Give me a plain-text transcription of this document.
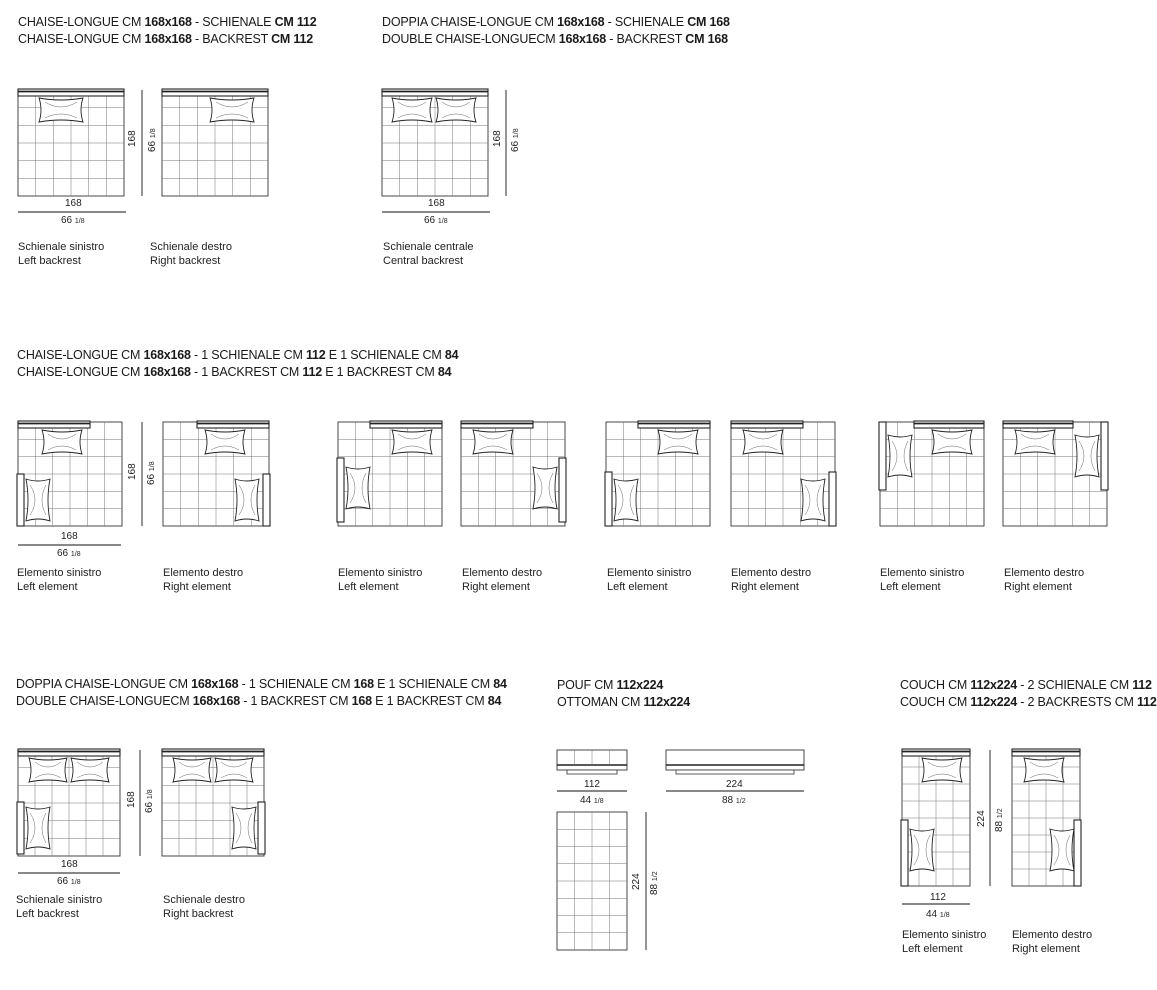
CHAISE-LONGUE CM 168x168 - SCHIENALE CM 112
CHAISE-LONGUE CM 168x168 - BACKREST CM 112
DOPPIA CHAISE-LONGUE CM 168x168 - SCHIENALE CM 168
DOUBLE CHAISE-LONGUECM 168x168 - BACKREST CM 168
CHAISE-LONGUE CM 168x168 - 1 SCHIENALE CM 112 E 1 SCHIENALE CM 84
CHAISE-LONGUE CM 168x168 - 1 BACKREST CM 112 E 1 BACKREST CM 84
DOPPIA CHAISE-LONGUE CM 168x168 - 1 SCHIENALE CM 168 E 1 SCHIENALE CM 84
DOUBLE CHAISE-LONGUECM 168x168 - 1 BACKREST CM 168 E 1 BACKREST CM 84
POUF CM 112x224
OTTOMAN CM 112x224
COUCH CM 112x224 - 2 SCHIENALE CM 112
COUCH CM 112x224 - 2 BACKRESTS CM 112
Schienale sinistro
Left backrest
Schienale destro
Right backrest
Schienale centrale
Central backrest
Elemento sinistro
Left element
Elemento destro
Right element
Elemento sinistro
Left element
Elemento destro
Right element
Elemento sinistro
Left element
Elemento destro
Right element
Elemento sinistro
Left element
Elemento destro
Right element
Schienale sinistro
Left backrest
Schienale destro
Right backrest
Elemento sinistro
Left element
Elemento destro
Right element
168
66 1/8
168 66 1/8
168
66 1/8
168 66 1/8
168
66 1/8
168 66 1/8
168
66 1/8
168 66 1/8
112
44 1/8
224
88 1/2
224 88 1/2
112
44 1/8
224 88 1/2
